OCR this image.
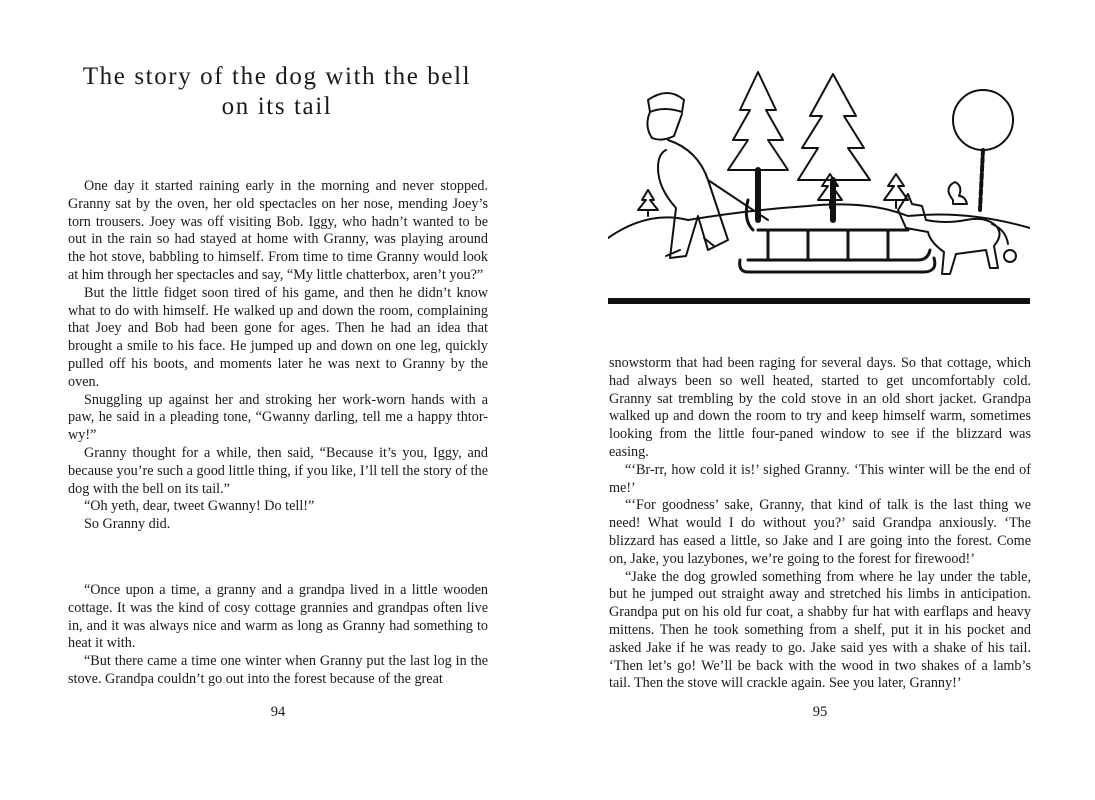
The story of the dog with the bell
on its tail

One day it started raining early in the morning and never stopped. Granny sat by the oven, her old spectacles on her nose, mending Joey’s torn trousers. Joey was off visiting Bob. Iggy, who hadn’t wanted to be out in the rain so had stayed at home with Granny, was playing around the hot stove, babbling to himself. From time to time Granny would look at him through her spectacles and say, “My little chatterbox, aren’t you?”

But the little fidget soon tired of his game, and then he didn’t know what to do with himself. He walked up and down the room, complaining that Joey and Bob had been gone for ages. Then he had an idea that brought a smile to his face. He jumped up and down on one leg, quickly pulled off his boots, and moments later he was next to Granny by the oven.

Snuggling up against her and stroking her work-worn hands with a paw, he said in a pleading tone, “Gwanny darling, tell me a happy thtor-wy!”

Granny thought for a while, then said, “Because it’s you, Iggy, and because you’re such a good little thing, if you like, I’ll tell the story of the dog with the bell on its tail.”

“Oh yeth, dear, tweet Gwanny! Do tell!”

So Granny did.

“Once upon a time, a granny and a grandpa lived in a little wooden cottage. It was the kind of cosy cottage grannies and grandpas often live in, and it was always nice and warm as long as Granny had something to heat it with.

“But there came a time one winter when Granny put the last log in the stove. Grandpa couldn’t go out into the forest because of the great

94

snowstorm that had been raging for several days. So that cottage, which had always been so well heated, started to get uncomfortably cold. Granny sat trembling by the cold stove in an old short jacket. Grandpa walked up and down the room to try and keep himself warm, sometimes looking from the little four-paned window to see if the blizzard was easing.

“‘Br-rr, how cold it is!’ sighed Granny. ‘This winter will be the end of me!’

“‘For goodness’ sake, Granny, that kind of talk is the last thing we need! What would I do without you?’ said Grandpa anxiously. ‘The blizzard has eased a little, so Jake and I are going into the forest. Come on, Jake, you lazybones, we’re going to the forest for firewood!’

“Jake the dog growled something from where he lay under the table, but he jumped out straight away and stretched his limbs in anticipation. Grandpa put on his old fur coat, a shabby fur hat with earflaps and heavy mittens. Then he took something from a shelf, put it in his pocket and asked Jake if he was ready to go. Jake said yes with a shake of his tail. ‘Then let’s go! We’ll be back with the wood in two shakes of a lamb’s tail. Then the stove will crackle again. See you later, Granny!’

95
